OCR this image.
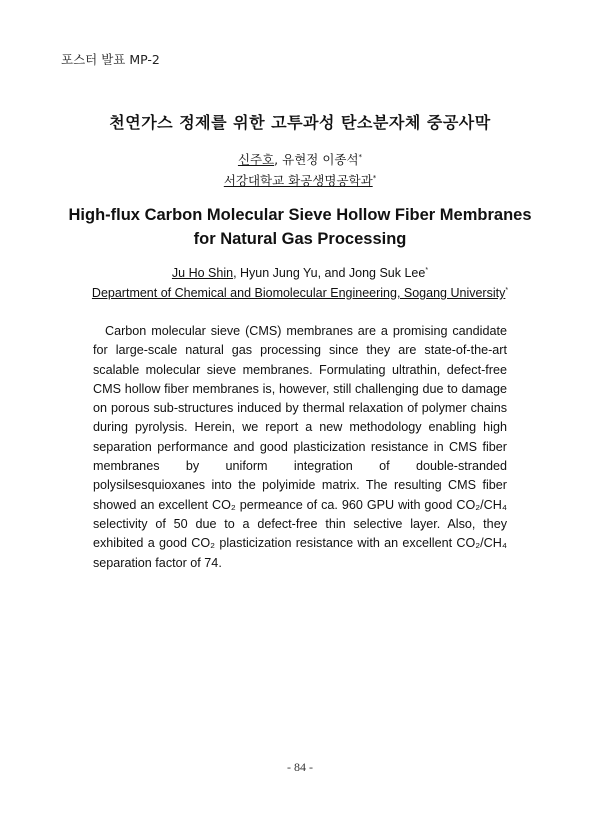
포스터 발표 MP-2
천연가스 정제를 위한 고투과성 탄소분자체 중공사막
신주호, 유현정 이종석*
서강대학교 화공생명공학과*
High-flux Carbon Molecular Sieve Hollow Fiber Membranes
for Natural Gas Processing
Ju Ho Shin, Hyun Jung Yu, and Jong Suk Lee*
Department of Chemical and Biomolecular Engineering, Sogang University*

Carbon molecular sieve (CMS) membranes are a promising candidate for large-scale natural gas processing since they are state-of-the-art scalable molecular sieve membranes. Formulating ultrathin, defect-free CMS hollow fiber membranes is, however, still challenging due to damage on porous sub-structures induced by thermal relaxation of polymer chains during pyrolysis. Herein, we report a new methodology enabling high separation performance and good plasticization resistance in CMS fiber membranes by uniform integration of double-stranded polysilsesquioxanes into the polyimide matrix. The resulting CMS fiber showed an excellent CO₂ permeance of ca. 960 GPU with good CO₂/CH₄ selectivity of 50 due to a defect-free thin selective layer. Also, they exhibited a good CO₂ plasticization resistance with an excellent CO₂/CH₄ separation factor of 74.

- 84 -
